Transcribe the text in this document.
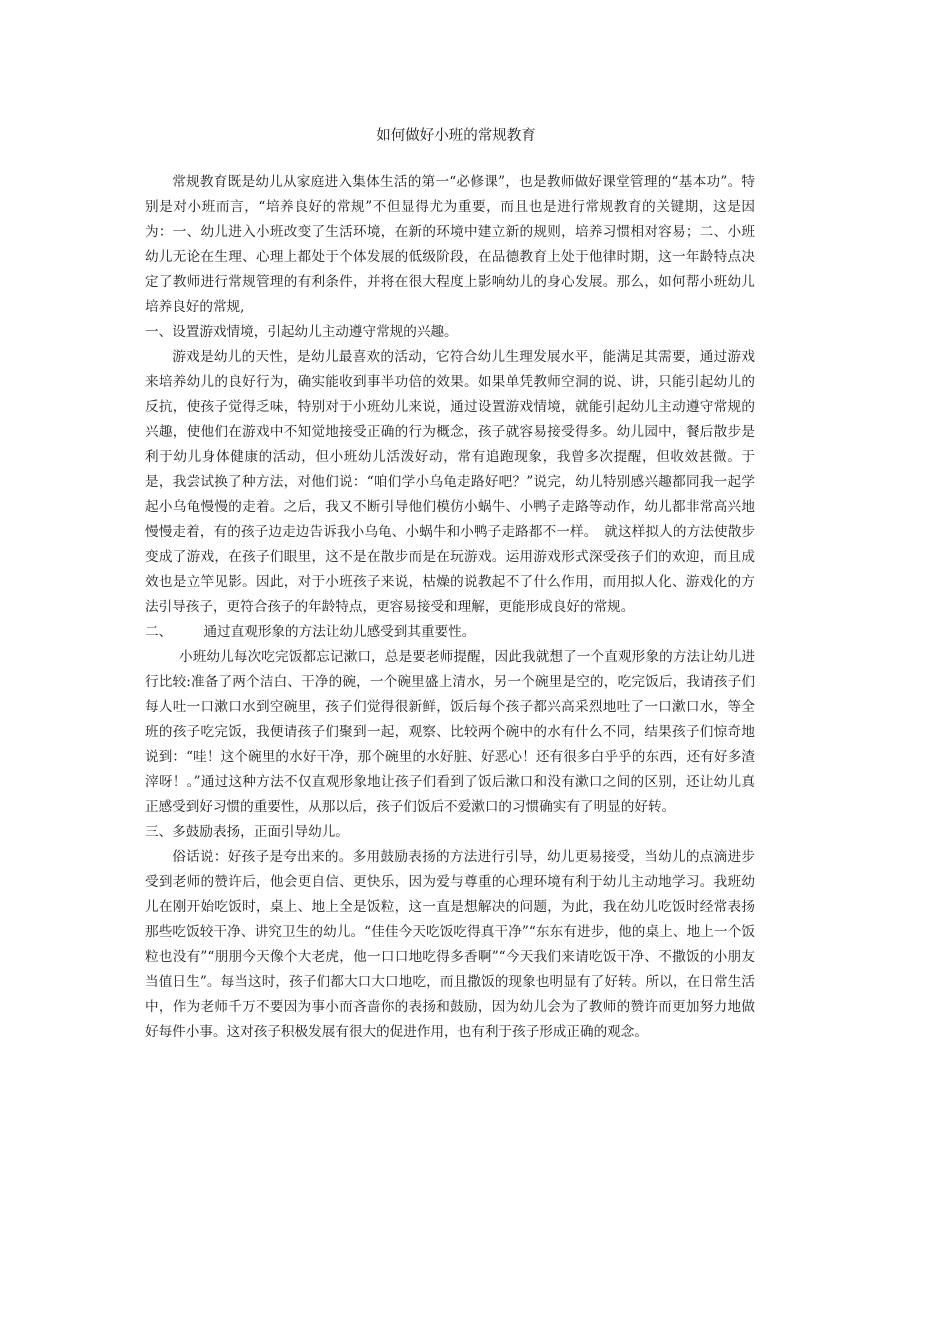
如何做好小班的常规教育

常规教育既是幼儿从家庭进入集体生活的第一“必修课”，也是教师做好课堂管理的“基本功”。特别是对小班而言，“培养良好的常规”不但显得尤为重要，而且也是进行常规教育的关键期，这是因为：一、幼儿进入小班改变了生活环境，在新的环境中建立新的规则，培养习惯相对容易；二、小班幼儿无论在生理、心理上都处于个体发展的低级阶段，在品德教育上处于他律时期，这一年龄特点决定了教师进行常规管理的有利条件，并将在很大程度上影响幼儿的身心发展。那么，如何帮小班幼儿培养良好的常规,

一、设置游戏情境，引起幼儿主动遵守常规的兴趣。

游戏是幼儿的天性，是幼儿最喜欢的活动，它符合幼儿生理发展水平，能满足其需要，通过游戏来培养幼儿的良好行为，确实能收到事半功倍的效果。如果单凭教师空洞的说、讲，只能引起幼儿的反抗，使孩子觉得乏味，特别对于小班幼儿来说，通过设置游戏情境，就能引起幼儿主动遵守常规的兴趣，使他们在游戏中不知觉地接受正确的行为概念，孩子就容易接受得多。幼儿园中，餐后散步是利于幼儿身体健康的活动，但小班幼儿活泼好动，常有追跑现象，我曾多次提醒，但收效甚微。于是，我尝试换了种方法，对他们说：“咱们学小乌龟走路好吧？”说完，幼儿特别感兴趣都同我一起学起小乌龟慢慢的走着。之后，我又不断引导他们模仿小蜗牛、小鸭子走路等动作，幼儿都非常高兴地慢慢走着，有的孩子边走边告诉我小乌龟、小蜗牛和小鸭子走路都不一样。　就这样拟人的方法使散步变成了游戏，在孩子们眼里，这不是在散步而是在玩游戏。运用游戏形式深受孩子们的欢迎，而且成效也是立竿见影。因此，对于小班孩子来说，枯燥的说教起不了什么作用，而用拟人化、游戏化的方法引导孩子，更符合孩子的年龄特点，更容易接受和理解，更能形成良好的常规。

二、 通过直观形象的方法让幼儿感受到其重要性。

小班幼儿每次吃完饭都忘记漱口，总是要老师提醒，因此我就想了一个直观形象的方法让幼儿进行比较:准备了两个洁白、干净的碗，一个碗里盛上清水，另一个碗里是空的，吃完饭后，我请孩子们每人吐一口漱口水到空碗里，孩子们觉得很新鲜，饭后每个孩子都兴高采烈地吐了一口漱口水，等全班的孩子吃完饭，我便请孩子们聚到一起，观察、比较两个碗中的水有什么不同，结果孩子们惊奇地说到：“哇！这个碗里的水好干净，那个碗里的水好脏、好恶心！还有很多白乎乎的东西，还有好多渣滓呀！。”通过这种方法不仅直观形象地让孩子们看到了饭后漱口和没有漱口之间的区别，还让幼儿真正感受到好习惯的重要性，从那以后，孩子们饭后不爱漱口的习惯确实有了明显的好转。

三、多鼓励表扬，正面引导幼儿。

俗话说：好孩子是夸出来的。多用鼓励表扬的方法进行引导，幼儿更易接受，当幼儿的点滴进步受到老师的赞许后，他会更自信、更快乐，因为爱与尊重的心理环境有利于幼儿主动地学习。我班幼儿在刚开始吃饭时，桌上、地上全是饭粒，这一直是想解决的问题，为此，我在幼儿吃饭时经常表扬那些吃饭较干净、讲究卫生的幼儿。“佳佳今天吃饭吃得真干净”“东东有进步，他的桌上、地上一个饭粒也没有”“朋朋今天像个大老虎，他一口口地吃得多香啊”“今天我们来请吃饭干净、不撒饭的小朋友当值日生”。每当这时，孩子们都大口大口地吃，而且撒饭的现象也明显有了好转。所以，在日常生活中，作为老师千万不要因为事小而吝啬你的表扬和鼓励，因为幼儿会为了教师的赞许而更加努力地做好每件小事。这对孩子积极发展有很大的促进作用，也有利于孩子形成正确的观念。
